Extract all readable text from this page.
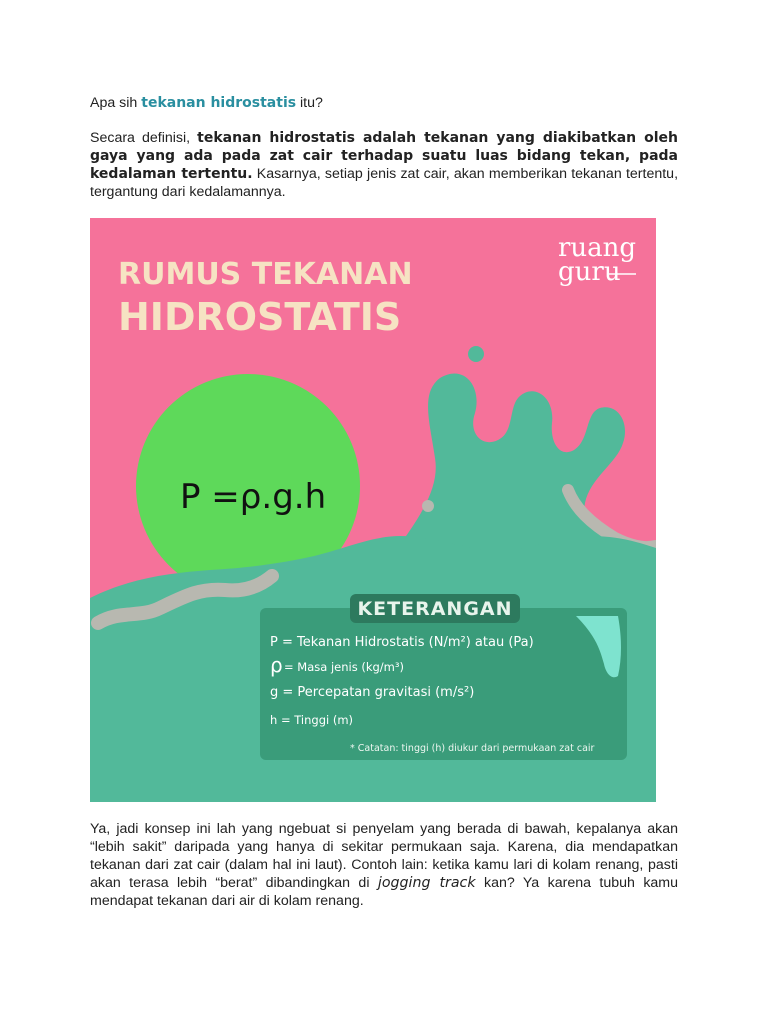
Apa sih tekanan hidrostatis itu?

Secara definisi, tekanan hidrostatis adalah tekanan yang diakibatkan oleh gaya yang ada pada zat cair terhadap suatu luas bidang tekan, pada kedalaman tertentu. Kasarnya, setiap jenis zat cair, akan memberikan tekanan tertentu, tergantung dari kedalamannya.

RUMUS TEKANAN
HIDROSTATIS
ruang
guru
P =ρ.g.h
KETERANGAN
P = Tekanan Hidrostatis (N/m²) atau (Pa)
ρ = Masa jenis (kg/m³)
g = Percepatan gravitasi (m/s²)
h = Tinggi (m)
* Catatan: tinggi (h) diukur dari permukaan zat cair

Ya, jadi konsep ini lah yang ngebuat si penyelam yang berada di bawah, kepalanya akan “lebih sakit” daripada yang hanya di sekitar permukaan saja. Karena, dia mendapatkan tekanan dari zat cair (dalam hal ini laut). Contoh lain: ketika kamu lari di kolam renang, pasti akan terasa lebih “berat” dibandingkan di jogging track kan? Ya karena tubuh kamu mendapat tekanan dari air di kolam renang.
